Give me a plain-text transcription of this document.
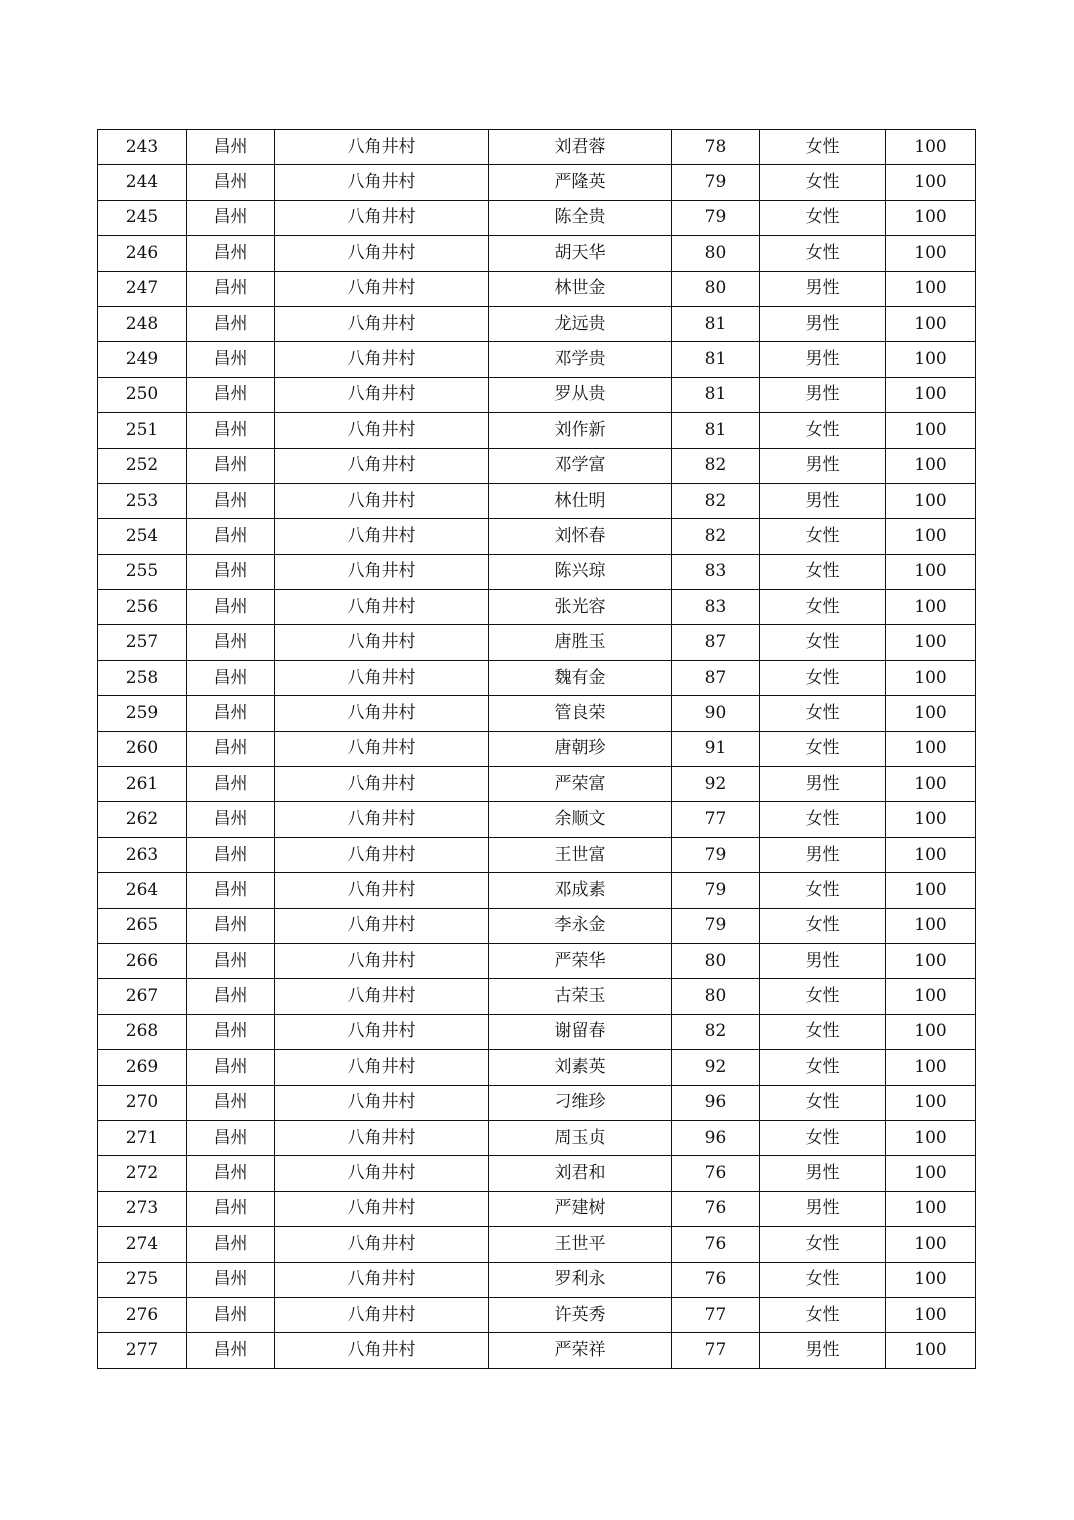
243	昌州	八角井村	刘君蓉	78	女性	100
244	昌州	八角井村	严隆英	79	女性	100
245	昌州	八角井村	陈全贵	79	女性	100
246	昌州	八角井村	胡天华	80	女性	100
247	昌州	八角井村	林世金	80	男性	100
248	昌州	八角井村	龙远贵	81	男性	100
249	昌州	八角井村	邓学贵	81	男性	100
250	昌州	八角井村	罗从贵	81	男性	100
251	昌州	八角井村	刘作新	81	女性	100
252	昌州	八角井村	邓学富	82	男性	100
253	昌州	八角井村	林仕明	82	男性	100
254	昌州	八角井村	刘怀春	82	女性	100
255	昌州	八角井村	陈兴琼	83	女性	100
256	昌州	八角井村	张光容	83	女性	100
257	昌州	八角井村	唐胜玉	87	女性	100
258	昌州	八角井村	魏有金	87	女性	100
259	昌州	八角井村	管良荣	90	女性	100
260	昌州	八角井村	唐朝珍	91	女性	100
261	昌州	八角井村	严荣富	92	男性	100
262	昌州	八角井村	余顺文	77	女性	100
263	昌州	八角井村	王世富	79	男性	100
264	昌州	八角井村	邓成素	79	女性	100
265	昌州	八角井村	李永金	79	女性	100
266	昌州	八角井村	严荣华	80	男性	100
267	昌州	八角井村	古荣玉	80	女性	100
268	昌州	八角井村	谢留春	82	女性	100
269	昌州	八角井村	刘素英	92	女性	100
270	昌州	八角井村	刁维珍	96	女性	100
271	昌州	八角井村	周玉贞	96	女性	100
272	昌州	八角井村	刘君和	76	男性	100
273	昌州	八角井村	严建树	76	男性	100
274	昌州	八角井村	王世平	76	女性	100
275	昌州	八角井村	罗利永	76	女性	100
276	昌州	八角井村	许英秀	77	女性	100
277	昌州	八角井村	严荣祥	77	男性	100
